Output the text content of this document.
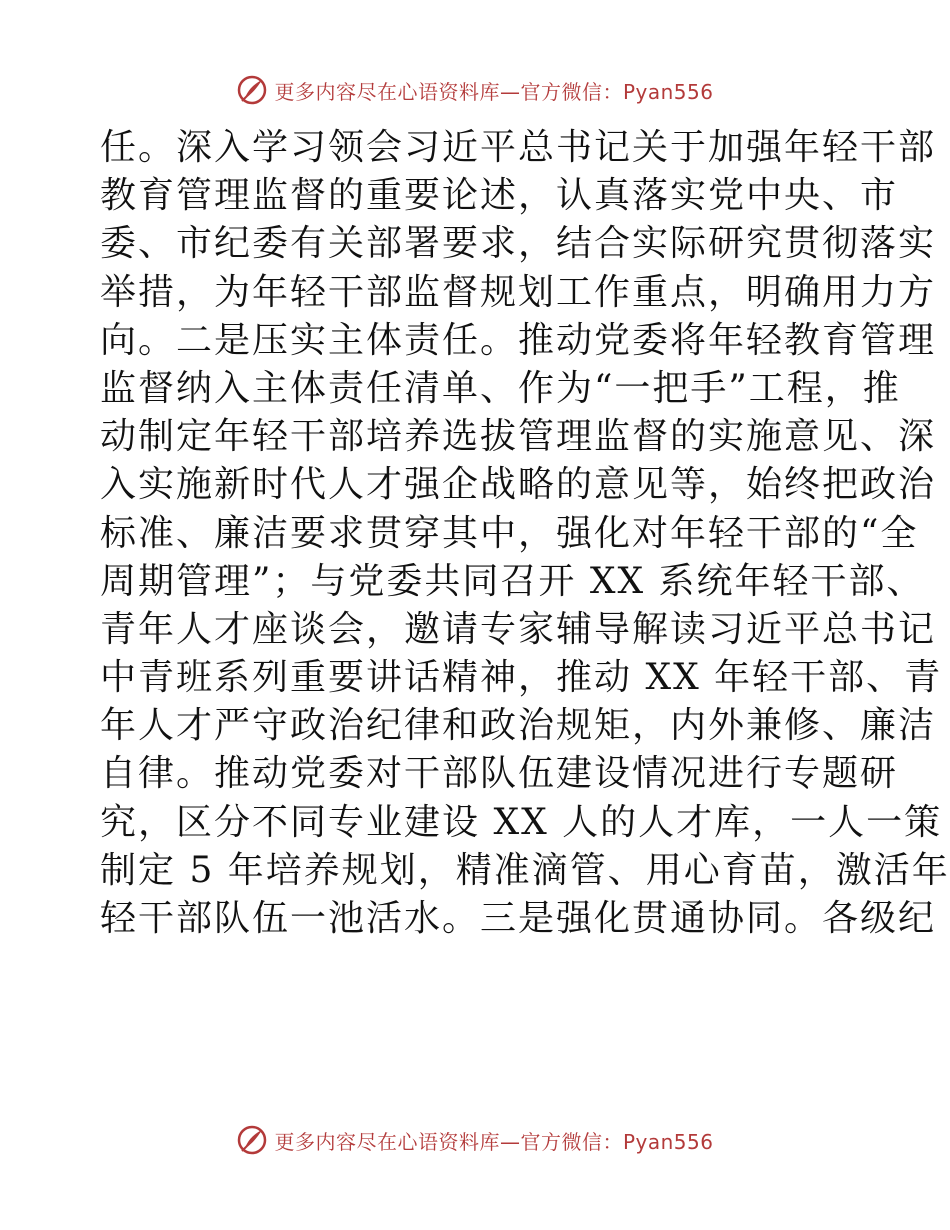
更多内容尽在心语资料库—官方微信：Pyan556
任。深入学习领会习近平总书记关于加强年轻干部
教育管理监督的重要论述，认真落实党中央、市
委、市纪委有关部署要求，结合实际研究贯彻落实
举措，为年轻干部监督规划工作重点，明确用力方
向。二是压实主体责任。推动党委将年轻教育管理
监督纳入主体责任清单、作为“一把手”工程，推
动制定年轻干部培养选拔管理监督的实施意见、深
入实施新时代人才强企战略的意见等，始终把政治
标准、廉洁要求贯穿其中，强化对年轻干部的“全
周期管理”；与党委共同召开 XX 系统年轻干部、
青年人才座谈会，邀请专家辅导解读习近平总书记
中青班系列重要讲话精神，推动 XX 年轻干部、青
年人才严守政治纪律和政治规矩，内外兼修、廉洁
自律。推动党委对干部队伍建设情况进行专题研
究，区分不同专业建设 XX 人的人才库，一人一策
制定 5 年培养规划，精准滴管、用心育苗，激活年
轻干部队伍一池活水。三是强化贯通协同。各级纪
更多内容尽在心语资料库—官方微信：Pyan556
